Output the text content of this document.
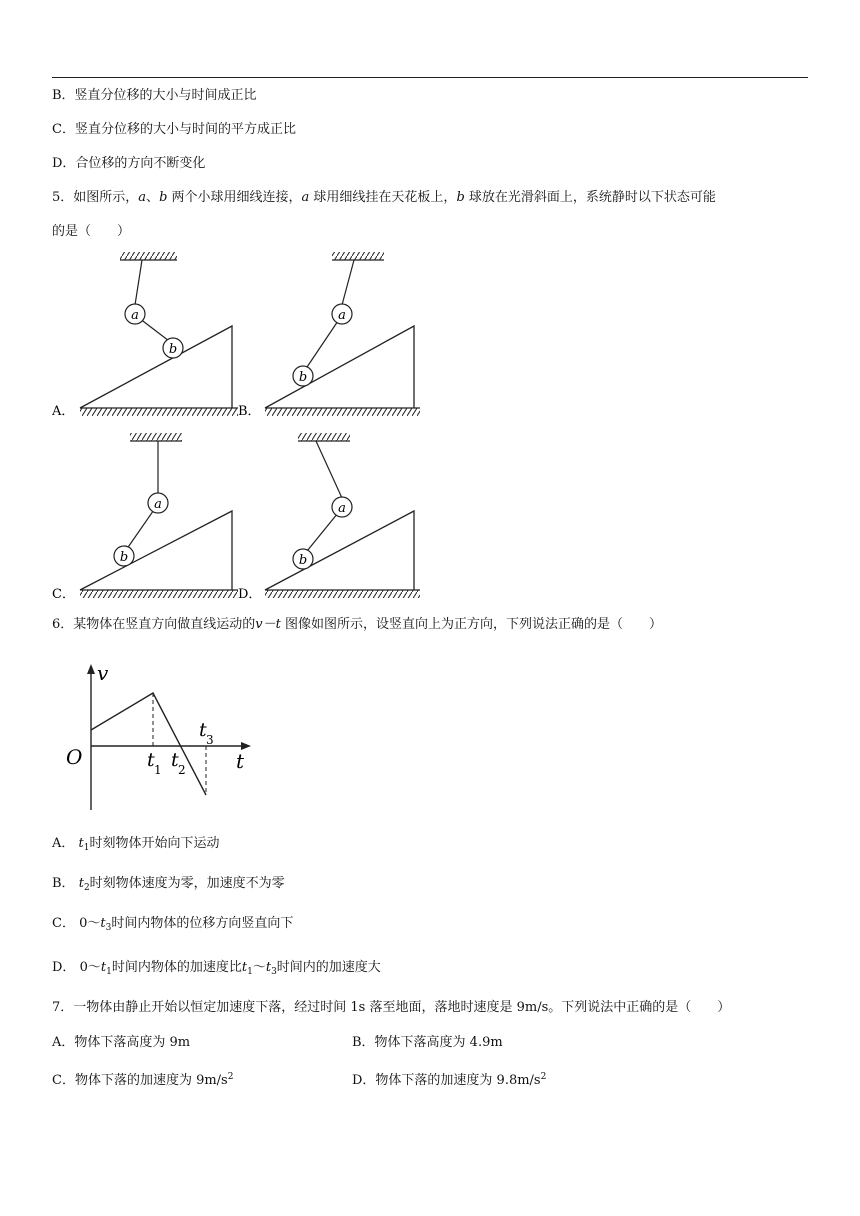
B．竖直分位移的大小与时间成正比
C．竖直分位移的大小与时间的平方成正比
D．合位移的方向不断变化
5．如图所示，a、b 两个小球用细线连接，a 球用细线挂在天花板上，b 球放在光滑斜面上，系统静时以下状态可能
的是（　　）
a
b
A．
a
b
B．
a
b
C．
a
b
D．
6．某物体在竖直方向做直线运动的v－t 图像如图所示，设竖直向上为正方向，下列说法正确的是（　　）
v
O	t
t 1 t 2
t 3
A． $t_1$时刻物体开始向下运动
B． $t_2$时刻物体速度为零，加速度不为零
C． $0\sim t_3$时间内物体的位移方向竖直向下
D． $0\sim t_1$时间内物体的加速度比$t_1\sim t_3$时间内的加速度大
7．一物体由静止开始以恒定加速度下落，经过时间 1s 落至地面，落地时速度是 9m/s。下列说法中正确的是（　　）
A．物体下落高度为 9m	B．物体下落高度为 4.9m
C．物体下落的加速度为 $9m/s^2$	D．物体下落的加速度为 $9.8m/s^2$
